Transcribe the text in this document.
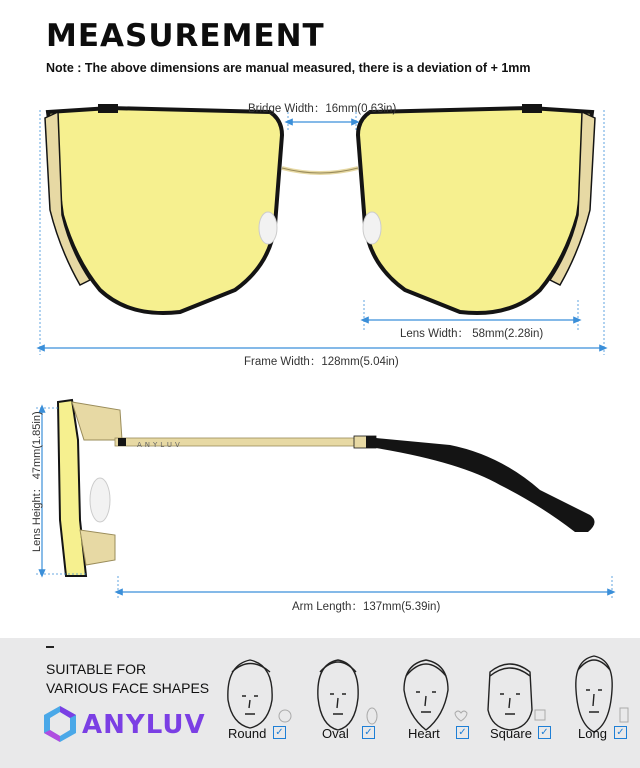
MEASUREMENT
Note : The above dimensions are manual measured, there is a deviation of + 1mm
ANYLUV
Bridge Width：16mm(0.63in)
Lens Width： 58mm(2.28in)
Frame Width：128mm(5.04in)
Lens Height： 47mm(1.85in)
Arm Length：137mm(5.39in)
SUITABLE FOR
VARIOUS FACE SHAPES
ANYLUV Round ✓	Oval ✓	Heart ✓ Square ✓ Long ✓
